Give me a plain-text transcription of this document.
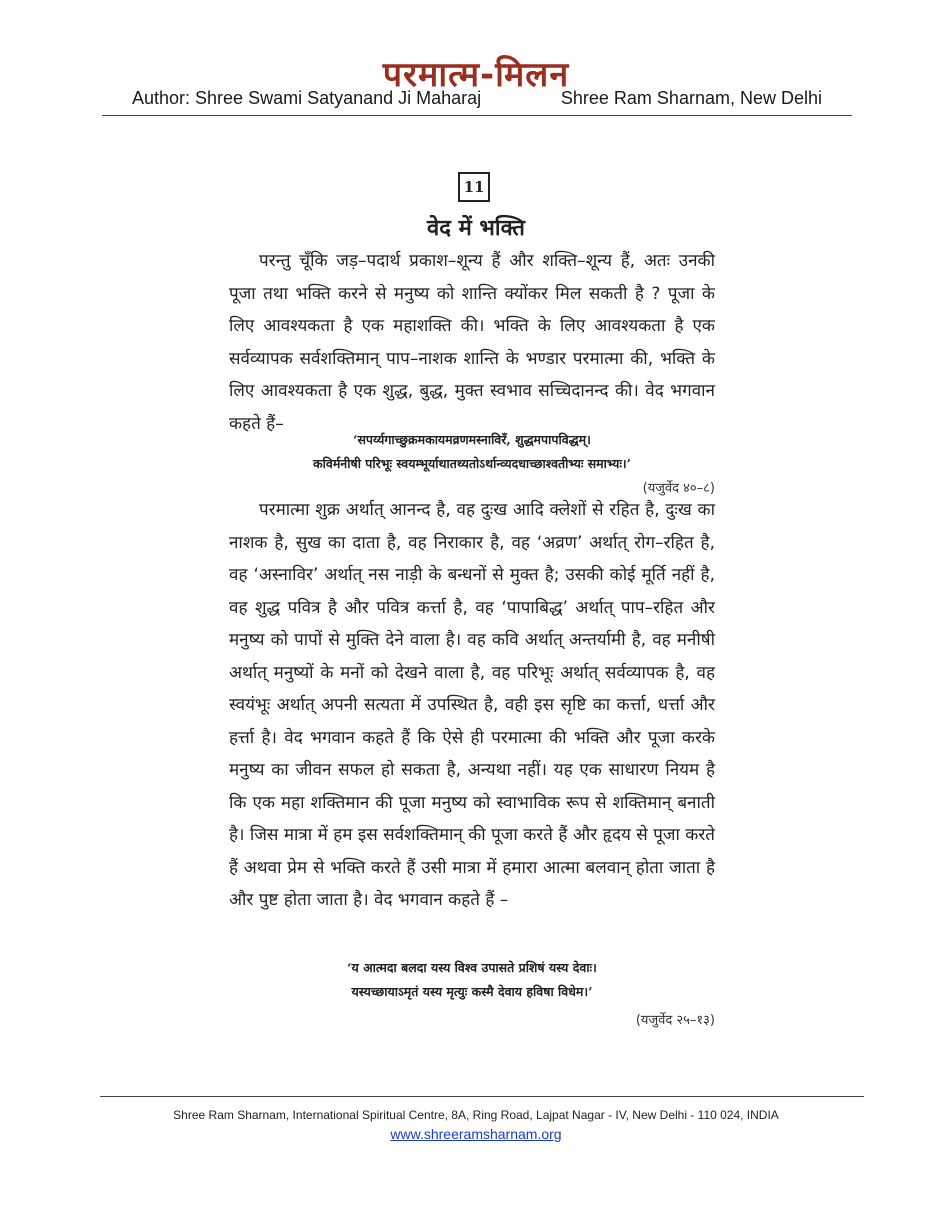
परमात्म-मिलन
Author: Shree Swami Satyanand Ji Maharaj	Shree Ram Sharnam, New Delhi
11
वेद में भक्ति

परन्तु चूँकि जड़–पदार्थ प्रकाश–शून्य हैं और शक्ति–शून्य हैं, अतः उनकी पूजा तथा भक्ति करने से मनुष्य को शान्ति क्योंकर मिल सकती है ? पूजा के लिए आवश्यकता है एक महाशक्ति की। भक्ति के लिए आवश्यकता है एक सर्वव्यापक सर्वशक्तिमान् पाप–नाशक शान्ति के भण्डार परमात्मा की, भक्ति के लिए आवश्यकता है एक शुद्ध, बुद्ध, मुक्त स्वभाव सच्चिदानन्द की। वेद भगवान कहते हैं–

‘सपर्य्यगाच्छुक्रमकायमव्रणमस्नाविरँ, शुद्धमपापविद्धम्।
कविर्मनीषी परिभूः स्वयम्भूर्याथातथ्यतोऽर्थान्व्यदधाच्छाश्वतीभ्यः समाभ्यः।’
(यजुर्वेद ४०–८)

परमात्मा शुक्र अर्थात् आनन्द है, वह दुःख आदि क्लेशों से रहित है, दुःख का नाशक है, सुख का दाता है, वह निराकार है, वह ‘अव्रण’ अर्थात् रोग–रहित है, वह ‘अस्नाविर’ अर्थात् नस नाड़ी के बन्धनों से मुक्त है; उसकी कोई मूर्ति नहीं है, वह शुद्ध पवित्र है और पवित्र कर्त्ता है, वह ‘पापाबिद्ध’ अर्थात् पाप–रहित और मनुष्य को पापों से मुक्ति देने वाला है। वह कवि अर्थात् अन्तर्यामी है, वह मनीषी अर्थात् मनुष्यों के मनों को देखने वाला है, वह परिभूः अर्थात् सर्वव्यापक है, वह स्वयंभूः अर्थात् अपनी सत्यता में उपस्थित है, वही इस सृष्टि का कर्त्ता, धर्त्ता और हर्त्ता है। वेद भगवान कहते हैं कि ऐसे ही परमात्मा की भक्ति और पूजा करके मनुष्य का जीवन सफल हो सकता है, अन्यथा नहीं। यह एक साधारण नियम है कि एक महा शक्तिमान की पूजा मनुष्य को स्वाभाविक रूप से शक्तिमान् बनाती है। जिस मात्रा में हम इस सर्वशक्तिमान् की पूजा करते हैं और हृदय से पूजा करते हैं अथवा प्रेम से भक्ति करते हैं उसी मात्रा में हमारा आत्मा बलवान् होता जाता है और पुष्ट होता जाता है। वेद भगवान कहते हैं –

‘य आत्मदा बलदा यस्य विश्व उपासते प्रशिषं यस्य देवाः।
यस्यच्छायाऽमृतं यस्य मृत्युः कस्मै देवाय हविषा विधेम।’
(यजुर्वेद २५–१३)
Shree Ram Sharnam, International Spiritual Centre, 8A, Ring Road, Lajpat Nagar - IV, New Delhi - 110 024, INDIA
www.shreeramsharnam.org
